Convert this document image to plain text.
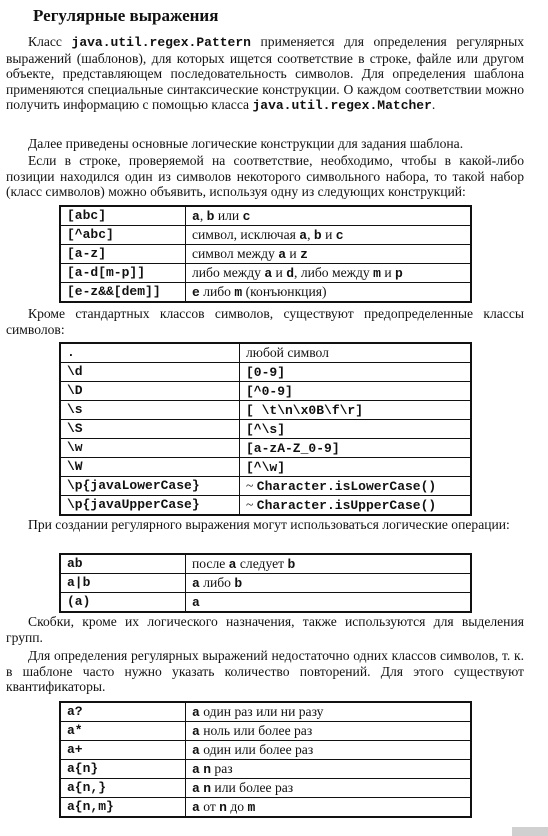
Регулярные выражения

Класс java.util.regex.Pattern применяется для определения регулярных выражений (шаблонов), для которых ищется соответствие в строке, файле или другом объекте, представляющем последовательность символов. Для определения шаблона применяются специальные синтаксические конструкции. О каждом соответствии можно получить информацию с помощью класса java.util.regex.Matcher.

Далее приведены основные логические конструкции для задания шаблона.

Если в строке, проверяемой на соответствие, необходимо, чтобы в какой-либо позиции находился один из символов некоторого символьного набора, то такой набор (класс символов) можно объявить, используя одну из следующих конструкций:

[abc]	a, b или c
[^abc]	символ, исключая a, b и c
[a-z]	символ между a и z
[a-d[m-p]]	либо между a и d, либо между m и p
[e-z&&[dem]]	e либо m (конъюнкция)

Кроме стандартных классов символов, существуют предопределенные классы символов:

.	любой символ
\d	[0-9]
\D	[^0-9]
\s	[ \t\n\x0B\f\r]
\S	[^\s]
\w	[a-zA-Z_0-9]
\W	[^\w]
\p{javaLowerCase}	~ Character.isLowerCase()
\p{javaUpperCase}	~ Character.isUpperCase()

При создании регулярного выражения могут использоваться логические операции:

ab	после a следует b
a|b	a либо b
(a)	a

Скобки, кроме их логического назначения, также используются для выделения групп.

Для определения регулярных выражений недостаточно одних классов символов, т. к. в шаблоне часто нужно указать количество повторений. Для этого существуют квантификаторы.

a?	a один раз или ни разу
a*	a ноль или более раз
a+	a один или более раз
a{n}	a n раз
a{n,}	a n или более раз
a{n,m}	a от n до m
